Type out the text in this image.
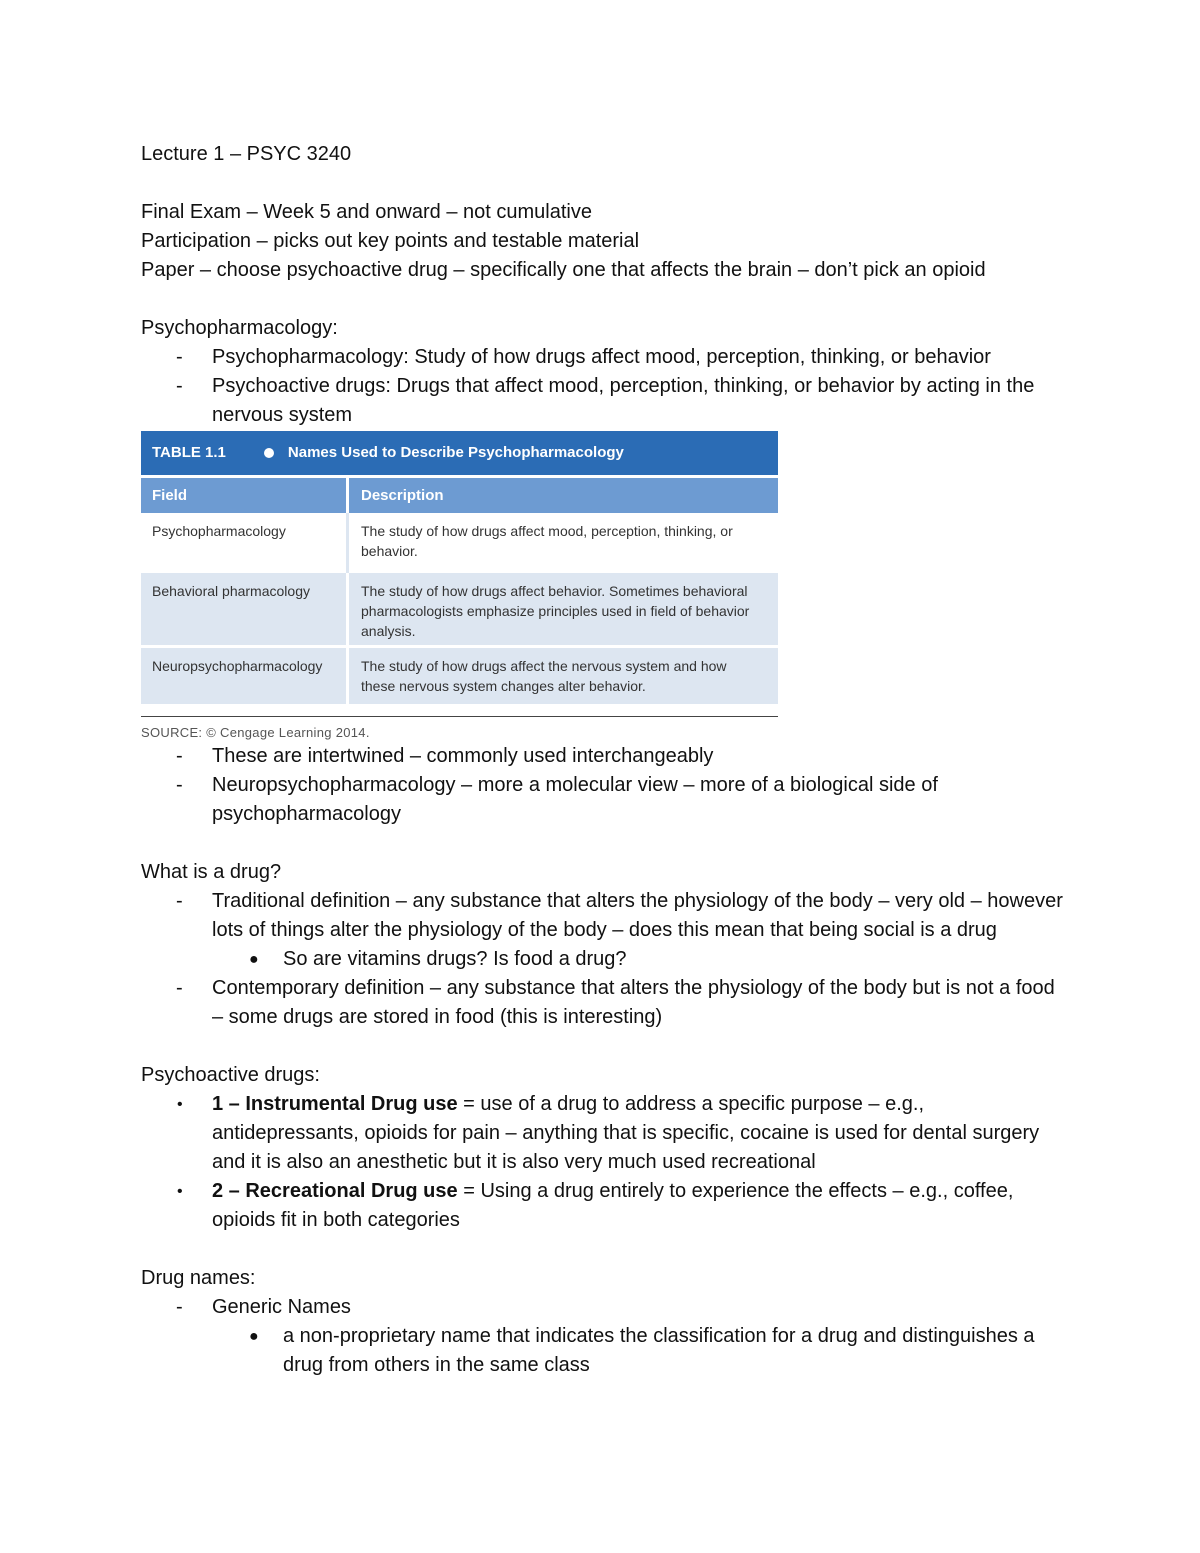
Lecture 1 – PSYC 3240
Final Exam – Week 5 and onward – not cumulative
Participation – picks out key points and testable material
Paper – choose psychoactive drug – specifically one that affects the brain – don’t pick an opioid
Psychopharmacology:
- Psychopharmacology: Study of how drugs affect mood, perception, thinking, or behavior
- Psychoactive drugs: Drugs that affect mood, perception, thinking, or behavior by acting in the nervous system
TABLE 1.1	Names Used to Describe Psychopharmacology
Field	Description
Psychopharmacology	The study of how drugs affect mood, perception, thinking, or behavior.
Behavioral pharmacology	The study of how drugs affect behavior. Sometimes behavioral pharmacologists emphasize principles used in field of behavior analysis.
Neuropsychopharmacology	The study of how drugs affect the nervous system and how these nervous system changes alter behavior.
SOURCE: © Cengage Learning 2014.
- These are intertwined – commonly used interchangeably
- Neuropsychopharmacology – more a molecular view – more of a biological side of psychopharmacology
What is a drug?
- Traditional definition – any substance that alters the physiology of the body – very old – however lots of things alter the physiology of the body – does this mean that being social is a drug
● So are vitamins drugs? Is food a drug?
- Contemporary definition – any substance that alters the physiology of the body but is not a food – some drugs are stored in food (this is interesting)
Psychoactive drugs:
• 1 – Instrumental Drug use = use of a drug to address a specific purpose – e.g., antidepressants, opioids for pain – anything that is specific, cocaine is used for dental surgery and it is also an anesthetic but it is also very much used recreational
• 2 – Recreational Drug use = Using a drug entirely to experience the effects – e.g., coffee, opioids fit in both categories
Drug names:
- Generic Names
● a non-proprietary name that indicates the classification for a drug and distinguishes a drug from others in the same class
